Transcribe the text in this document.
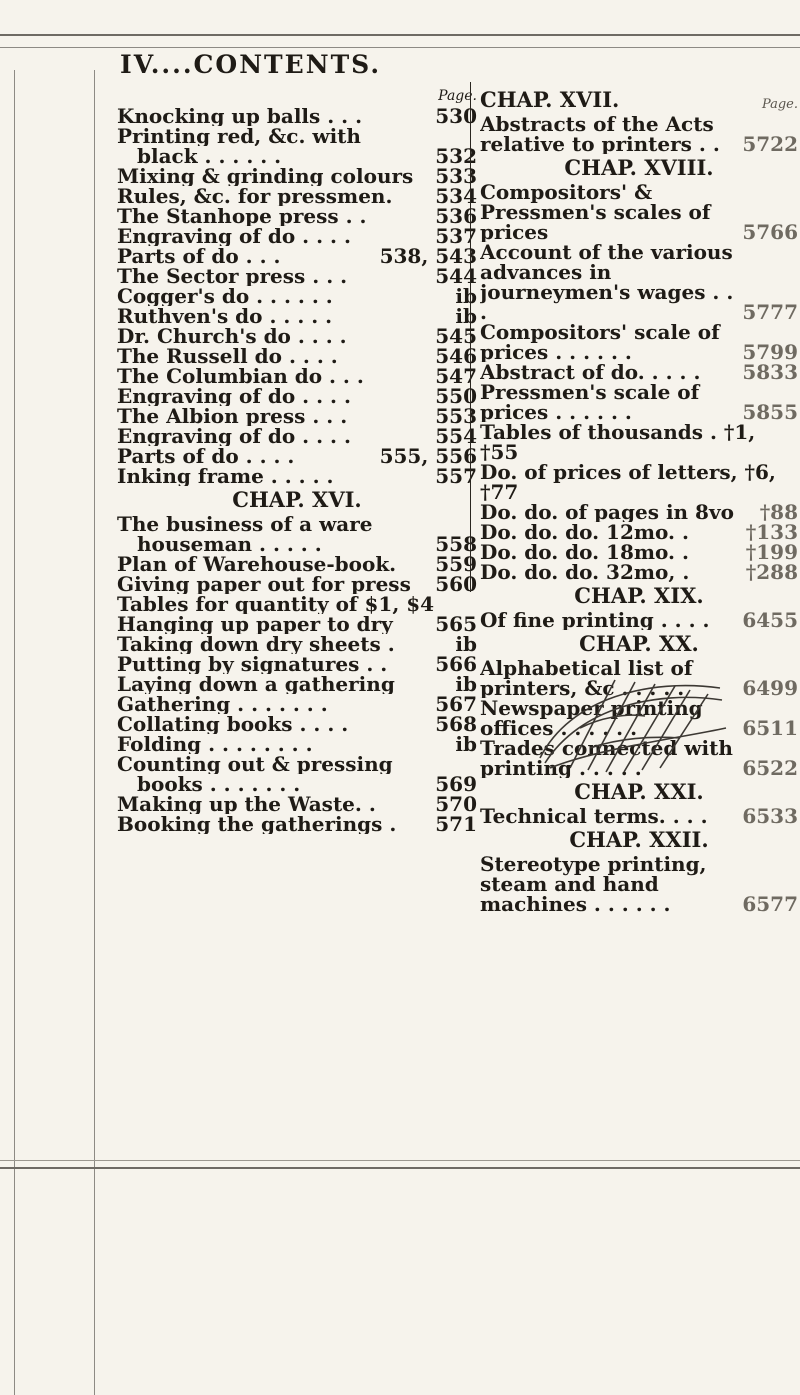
IV....CONTENTS.
Page.
Knocking up balls . . .	530
Printing red, &c. with
black . . . . . .	532
Mixing & grinding colours	533
Rules, &c. for pressmen.	534
The Stanhope press . .	536
Engraving of do . . . .	537
Parts of do . . .	538, 543
The Sector press . . .	544
Cogger's do . . . . . .	ib
Ruthven's do . . . . .	ib
Dr. Church's do . . . .	545
The Russell do . . . .	546
The Columbian do . . .	547
Engraving of do . . . .	550
The Albion press . . .	553
Engraving of do . . . .	554
Parts of do . . . .	555, 556
Inking frame . . . . .	557
CHAP. XVI.
The business of a ware
houseman . . . . .	558
Plan of Warehouse-book.	559
Giving paper out for press	560
Tables for quantity of $1, $4
Hanging up paper to dry	565
Taking down dry sheets .	ib
Putting by signatures . .	566
Laying down a gathering	ib
Gathering . . . . . . .	567
Collating books . . . .	568
Folding . . . . . . . .	ib
Counting out & pressing
books . . . . . . .	569
Making up the Waste. .	570
Booking the gatherings .	571
CHAP. XVII.	Page.
Abstracts of the Acts relative to printers . .	5722
CHAP. XVIII.
Compositors' & Pressmen's scales of prices	5766
Account of the various advances in journeymen's wages . . .	5777
Compositors' scale of prices . . . . . .	5799
Abstract of do. . . . .	5833
Pressmen's scale of prices . . . . . .	5855
Tables of thousands . †1, †55
Do. of prices of letters, †6, †77
Do. do. of pages in 8vo	†88
Do. do. do. 12mo. .	†133
Do. do. do. 18mo. .	†199
Do. do. do. 32mo, .	†288
CHAP. XIX.
Of fine printing . . . .	6455
CHAP. XX.
Alphabetical list of printers, &c . . . . .	6499
Newspaper printing offices . . . . . .	6511
Trades connected with printing . . . . .	6522
CHAP. XXI.
Technical terms. . . .	6533
CHAP. XXII.
Stereotype printing, steam and hand machines . . . . . .	6577
